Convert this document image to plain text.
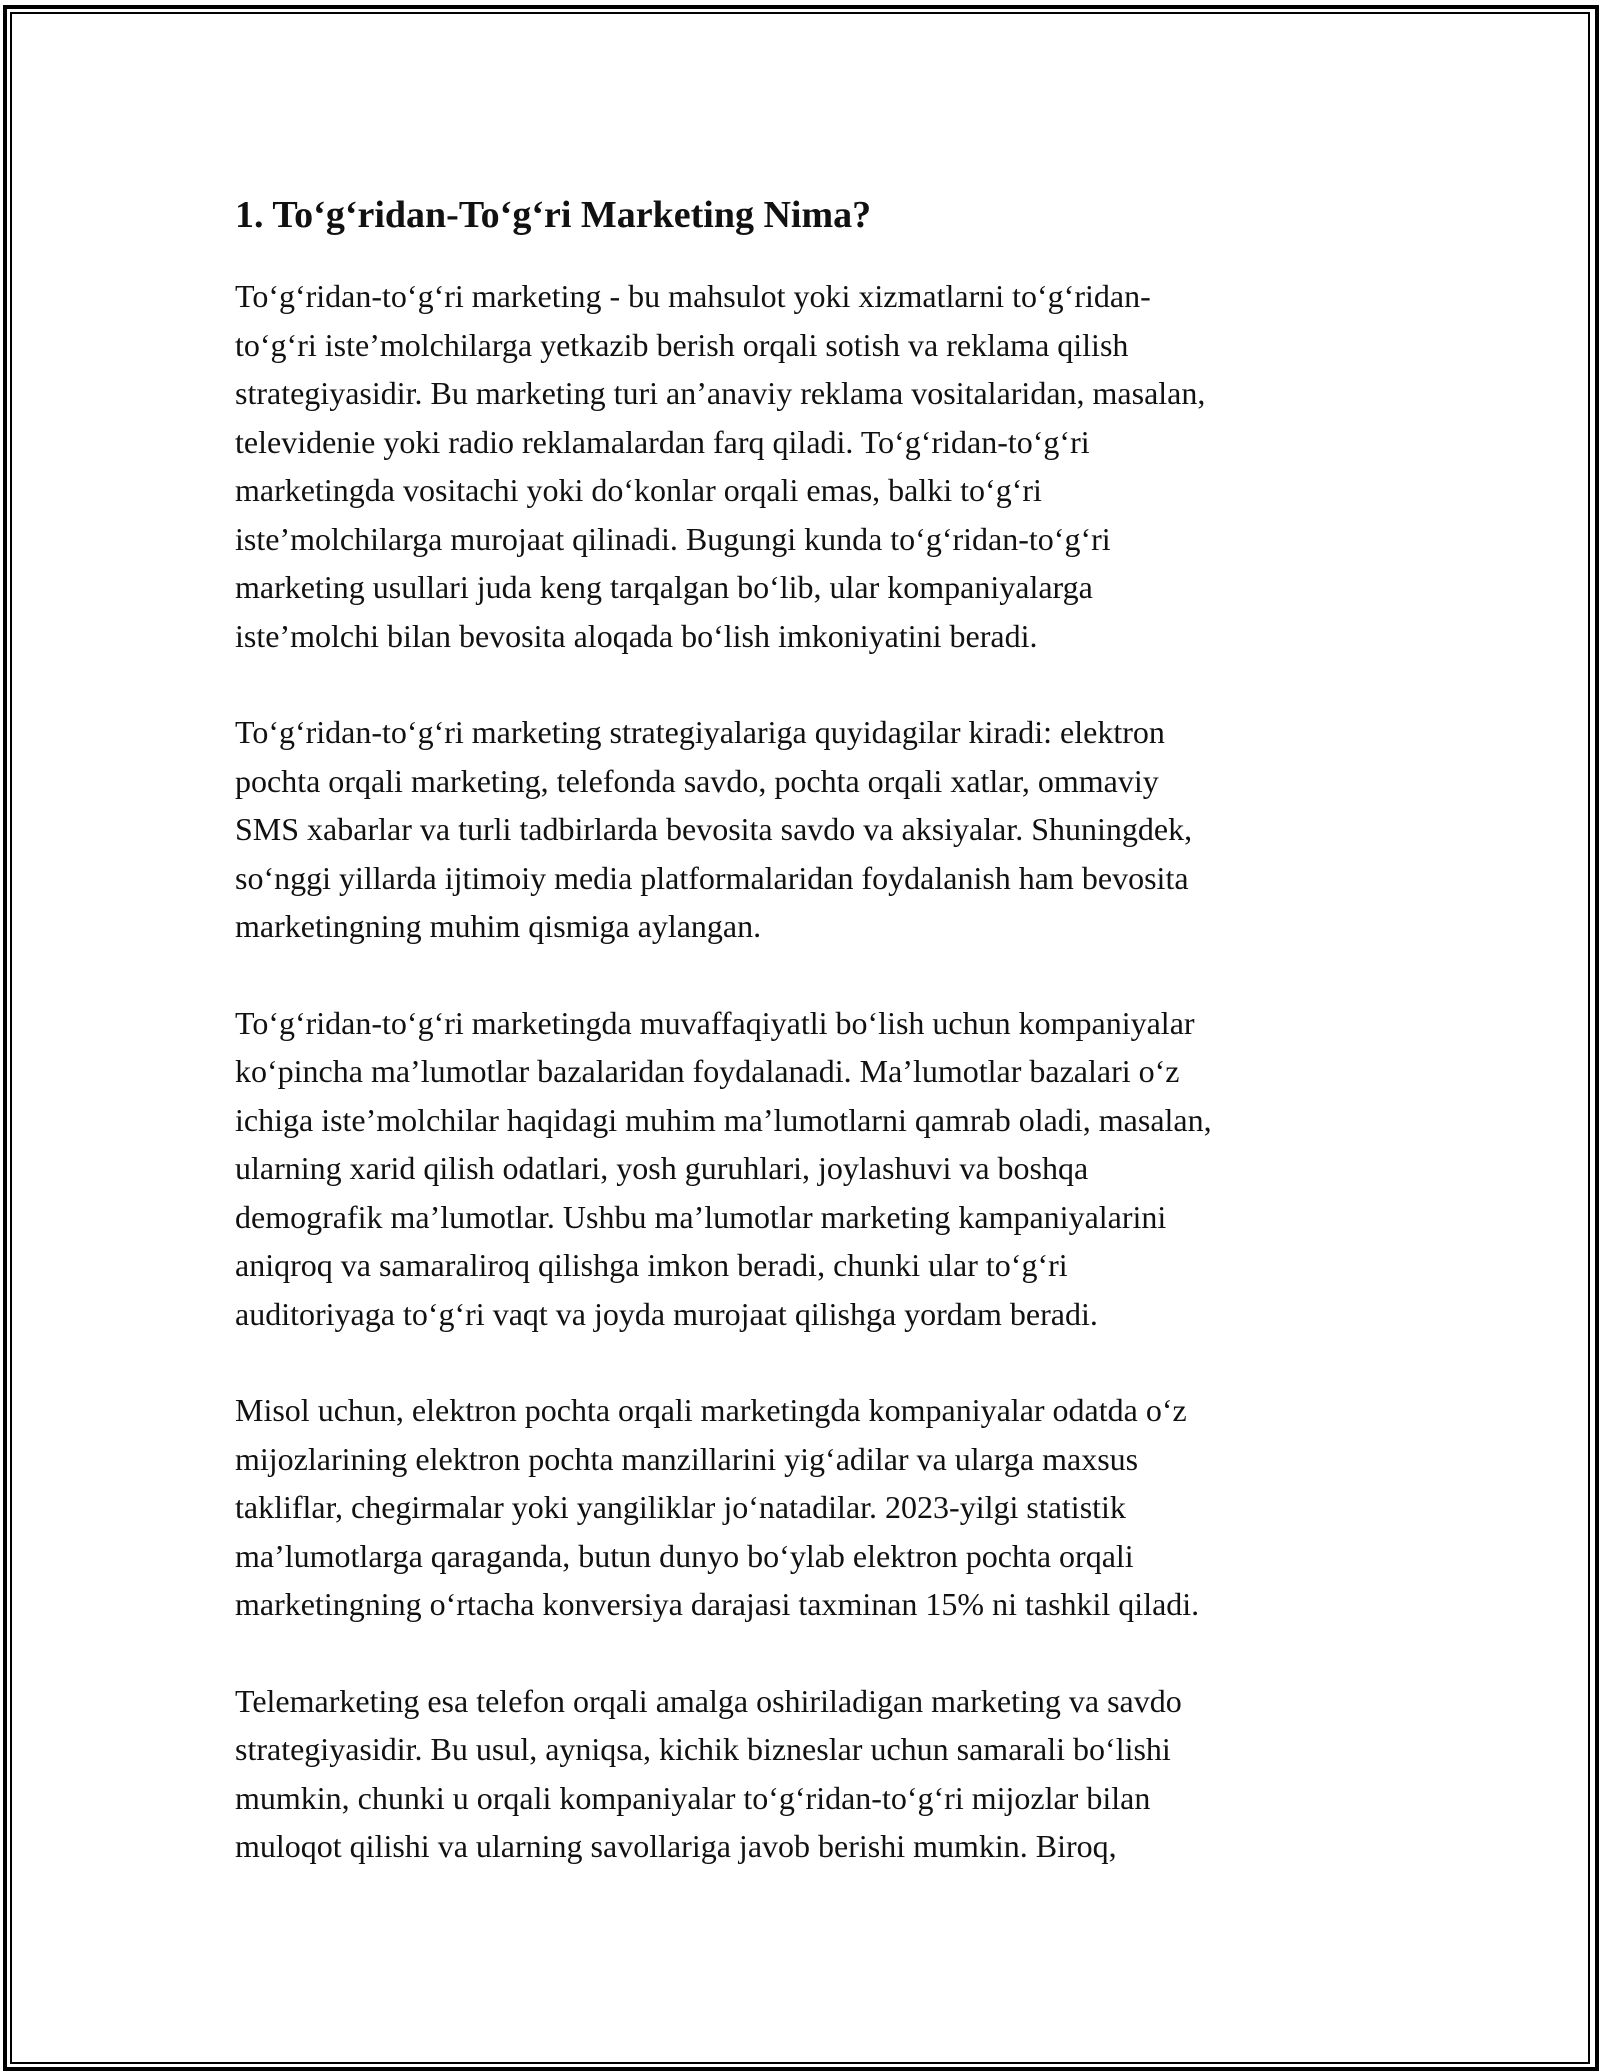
1. To‘g‘ridan-To‘g‘ri Marketing Nima?
To‘g‘ridan-to‘g‘ri marketing - bu mahsulot yoki xizmatlarni to‘g‘ridan-
to‘g‘ri iste’molchilarga yetkazib berish orqali sotish va reklama qilish
strategiyasidir. Bu marketing turi an’anaviy reklama vositalaridan, masalan,
televidenie yoki radio reklamalardan farq qiladi. To‘g‘ridan-to‘g‘ri
marketingda vositachi yoki do‘konlar orqali emas, balki to‘g‘ri
iste’molchilarga murojaat qilinadi. Bugungi kunda to‘g‘ridan-to‘g‘ri
marketing usullari juda keng tarqalgan bo‘lib, ular kompaniyalarga
iste’molchi bilan bevosita aloqada bo‘lish imkoniyatini beradi.
To‘g‘ridan-to‘g‘ri marketing strategiyalariga quyidagilar kiradi: elektron
pochta orqali marketing, telefonda savdo, pochta orqali xatlar, ommaviy
SMS xabarlar va turli tadbirlarda bevosita savdo va aksiyalar. Shuningdek,
so‘nggi yillarda ijtimoiy media platformalaridan foydalanish ham bevosita
marketingning muhim qismiga aylangan.
To‘g‘ridan-to‘g‘ri marketingda muvaffaqiyatli bo‘lish uchun kompaniyalar
ko‘pincha ma’lumotlar bazalaridan foydalanadi. Ma’lumotlar bazalari o‘z
ichiga iste’molchilar haqidagi muhim ma’lumotlarni qamrab oladi, masalan,
ularning xarid qilish odatlari, yosh guruhlari, joylashuvi va boshqa
demografik ma’lumotlar. Ushbu ma’lumotlar marketing kampaniyalarini
aniqroq va samaraliroq qilishga imkon beradi, chunki ular to‘g‘ri
auditoriyaga to‘g‘ri vaqt va joyda murojaat qilishga yordam beradi.
Misol uchun, elektron pochta orqali marketingda kompaniyalar odatda o‘z
mijozlarining elektron pochta manzillarini yig‘adilar va ularga maxsus
takliflar, chegirmalar yoki yangiliklar jo‘natadilar. 2023-yilgi statistik
ma’lumotlarga qaraganda, butun dunyo bo‘ylab elektron pochta orqali
marketingning o‘rtacha konversiya darajasi taxminan 15% ni tashkil qiladi.
Telemarketing esa telefon orqali amalga oshiriladigan marketing va savdo
strategiyasidir. Bu usul, ayniqsa, kichik bizneslar uchun samarali bo‘lishi
mumkin, chunki u orqali kompaniyalar to‘g‘ridan-to‘g‘ri mijozlar bilan
muloqot qilishi va ularning savollariga javob berishi mumkin. Biroq,
